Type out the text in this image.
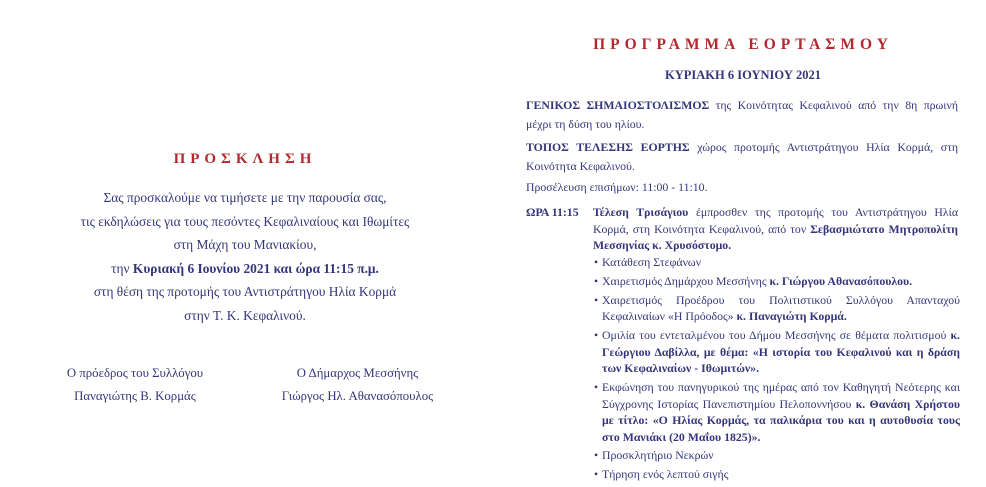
ΠΡΟΣΚΛΗΣΗ
Σας προσκαλούμε να τιμήσετε με την παρουσία σας,
τις εκδηλώσεις για τους πεσόντες Κεφαλιναίους και Ιθωμίτες
στη Μάχη του Μανιακίου,
την Κυριακή 6 Ιουνίου 2021 και ώρα 11:15 π.μ.
στη θέση της προτομής του Αντιστράτηγου Ηλία Κορμά
στην Τ. Κ. Κεφαλινού.
Ο πρόεδρος του Συλλόγου
Παναγιώτης Β. Κορμάς
Ο Δήμαρχος Μεσσήνης
Γιώργος Ηλ. Αθανασόπουλος
ΠΡΟΓΡΑΜΜΑ ΕΟΡΤΑΣΜΟΥ
ΚΥΡΙΑΚΗ 6 ΙΟΥΝΙΟΥ 2021
ΓΕΝΙΚΟΣ ΣΗΜΑΙΟΣΤΟΛΙΣΜΟΣ της Κοινότητας Κεφαλινού από την 8η πρωινή μέχρι τη δύση του ηλίου.
ΤΟΠΟΣ ΤΕΛΕΣΗΣ ΕΟΡΤΗΣ χώρος προτομής Αντιστράτηγου Ηλία Κορμά, στη Κοινότητα Κεφαλινού.
Προσέλευση επισήμων: 11:00 - 11:10.
ΩΡΑ 11:15 Τέλεση Τρισάγιου έμπροσθεν της προτομής του Αντιστράτηγου Ηλία Κορμά, στη Κοινότητα Κεφαλινού, από τον Σεβασμιώτατο Μητροπολίτη Μεσσηνίας κ. Χρυσόστομο.
• Κατάθεση Στεφάνων
• Χαιρετισμός Δημάρχου Μεσσήνης κ. Γιώργου Αθανασόπουλου.
• Χαιρετισμός Προέδρου του Πολιτιστικού Συλλόγου Απανταχού Κεφαλιναίων «Η Πρόοδος» κ. Παναγιώτη Κορμά.
• Ομιλία του εντεταλμένου του Δήμου Μεσσήνης σε θέματα πολιτισμού κ. Γεώργιου Δαβίλλα, με θέμα: «Η ιστορία του Κεφαλινού και η δράση των Κεφαλιναίων - Ιθωμιτών».
• Εκφώνηση του πανηγυρικού της ημέρας από τον Καθηγητή Νεότερης και Σύγχρονης Ιστορίας Πανεπιστημίου Πελοποννήσου κ. Θανάση Χρήστου με τίτλο: «Ο Ηλίας Κορμάς, τα παλικάρια του και η αυτοθυσία τους στο Μανιάκι (20 Μαΐου 1825)».
• Προσκλητήριο Νεκρών
• Τήρηση ενός λεπτού σιγής
